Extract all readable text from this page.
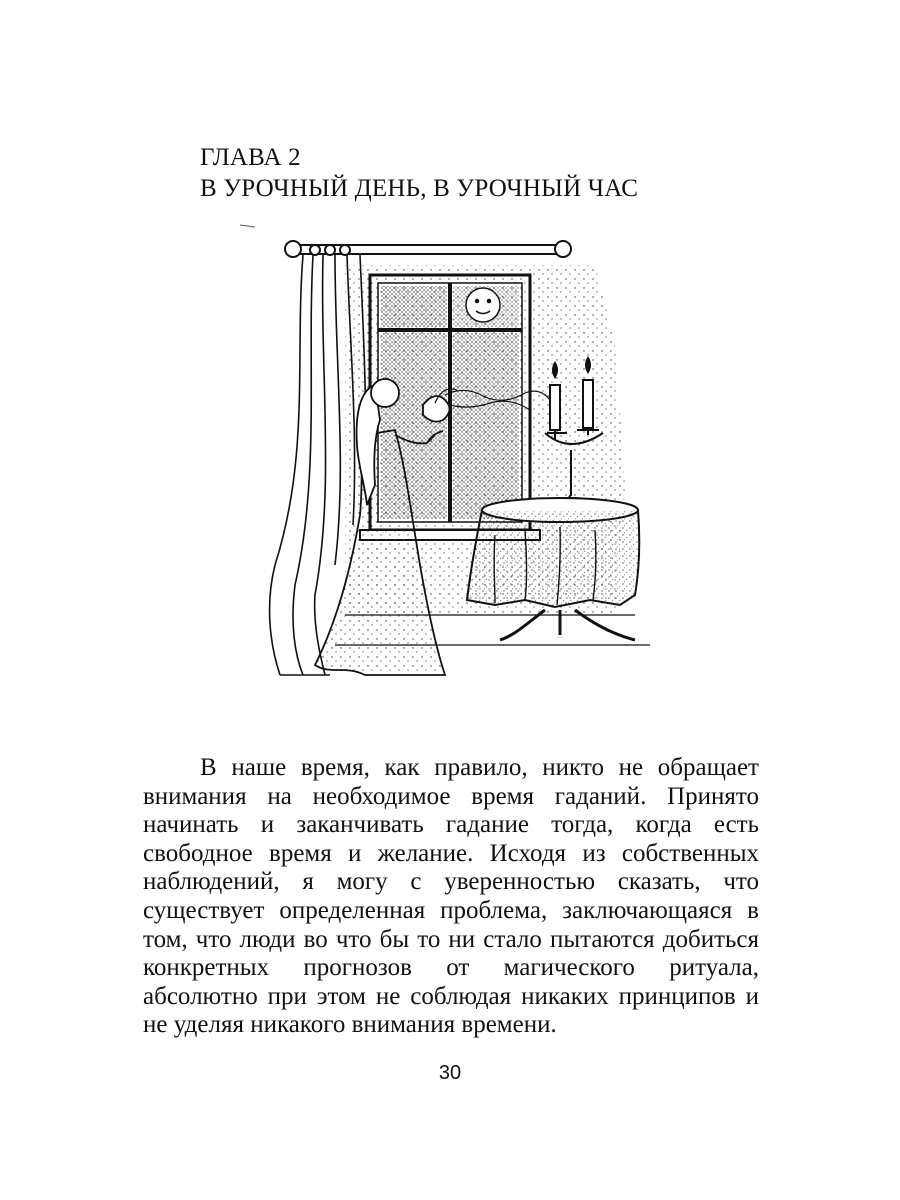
ГЛАВА 2
В УРОЧНЫЙ ДЕНЬ, В УРОЧНЫЙ ЧАС

В наше время, как правило, никто не обращает внимания на необходимое время гаданий. Принято начинать и заканчивать гадание тогда, когда есть свободное время и желание. Исходя из собственных наблюдений, я могу с уверенностью сказать, что существует определенная проблема, заключающаяся в том, что люди во что бы то ни стало пытаются добиться конкретных прогнозов от магического ритуала, абсолютно при этом не соблюдая никаких принципов и не уделяя никакого внимания времени.

30
